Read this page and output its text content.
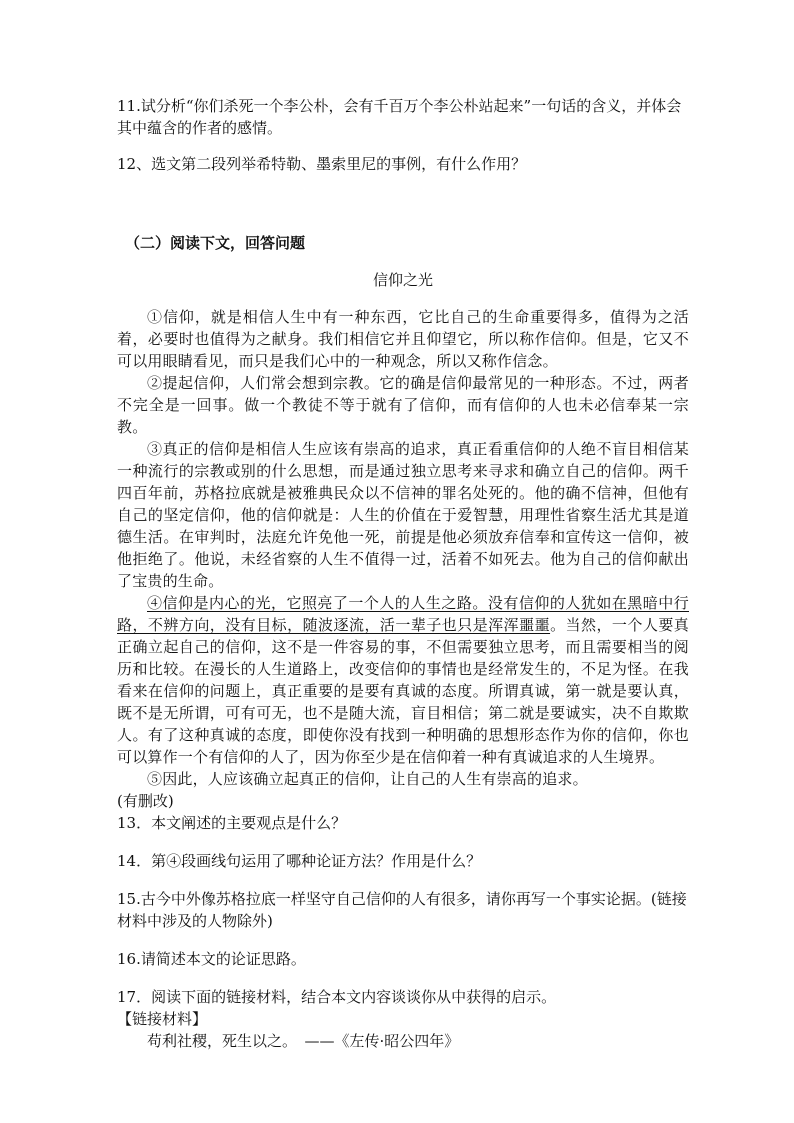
11.试分析“你们杀死一个李公朴，会有千百万个李公朴站起来”一句话的含义，并体会其中蕴含的作者的感情。

12、选文第二段列举希特勒、墨索里尼的事例，有什么作用？

（二）阅读下文，回答问题

信仰之光

①信仰，就是相信人生中有一种东西，它比自己的生命重要得多，值得为之活着，必要时也值得为之献身。我们相信它并且仰望它，所以称作信仰。但是，它又不可以用眼睛看见，而只是我们心中的一种观念，所以又称作信念。

②提起信仰，人们常会想到宗教。它的确是信仰最常见的一种形态。不过，两者不完全是一回事。做一个教徒不等于就有了信仰，而有信仰的人也未必信奉某一宗教。

③真正的信仰是相信人生应该有崇高的追求，真正看重信仰的人绝不盲目相信某一种流行的宗教或别的什么思想，而是通过独立思考来寻求和确立自己的信仰。两千四百年前，苏格拉底就是被雅典民众以不信神的罪名处死的。他的确不信神，但他有自己的坚定信仰，他的信仰就是：人生的价值在于爱智慧，用理性省察生活尤其是道德生活。在审判时，法庭允许免他一死，前提是他必须放弃信奉和宣传这一信仰，被他拒绝了。他说，未经省察的人生不值得一过，活着不如死去。他为自己的信仰献出了宝贵的生命。

④信仰是内心的光，它照亮了一个人的人生之路。没有信仰的人犹如在黑暗中行路，不辨方向，没有目标，随波逐流，活一辈子也只是浑浑噩噩。当然，一个人要真正确立起自己的信仰，这不是一件容易的事，不但需要独立思考，而且需要相当的阅历和比较。在漫长的人生道路上，改变信仰的事情也是经常发生的，不足为怪。在我看来在信仰的问题上，真正重要的是要有真诚的态度。所谓真诚，第一就是要认真，既不是无所谓，可有可无，也不是随大流，盲目相信；第二就是要诚实，决不自欺欺人。有了这种真诚的态度，即使你没有找到一种明确的思想形态作为你的信仰，你也可以算作一个有信仰的人了，因为你至少是在信仰着一种有真诚追求的人生境界。

⑤因此，人应该确立起真正的信仰，让自己的人生有崇高的追求。

(有删改)

13．本文阐述的主要观点是什么？

14．第④段画线句运用了哪种论证方法？作用是什么？

15.古今中外像苏格拉底一样坚守自己信仰的人有很多，请你再写一个事实论据。(链接材料中涉及的人物除外)

16.请简述本文的论证思路。

17．阅读下面的链接材料，结合本文内容谈谈你从中获得的启示。

【链接材料】

苟利社稷，死生以之。　——《左传·昭公四年》
